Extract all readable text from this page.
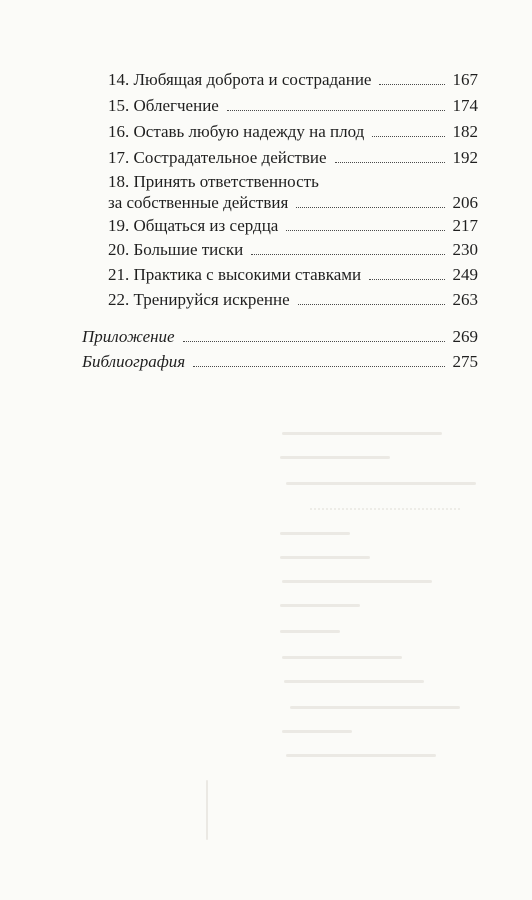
14. Любящая доброта и сострадание	167
15. Облегчение	174
16. Оставь любую надежду на плод	182
17. Сострадательное действие	192
18. Принять ответственность
за собственные действия	206
19. Общаться из сердца	217
20. Большие тиски	230
21. Практика с высокими ставками	249
22. Тренируйся искренне	263
Приложение	269
Библиография	275
